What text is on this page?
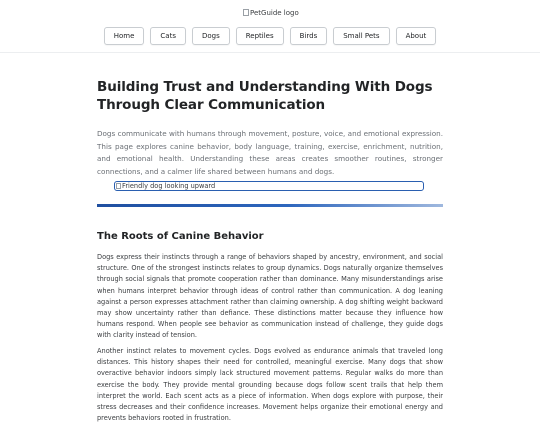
PetGuide logo
Home	Cats	Dogs	Reptiles	Birds	Small Pets	About
Building Trust and Understanding With Dogs Through Clear Communication

Dogs communicate with humans through movement, posture, voice, and emotional expression. This page explores canine behavior, body language, training, exercise, enrichment, nutrition, and emotional health. Understanding these areas creates smoother routines, stronger connections, and a calmer life shared between humans and dogs.

Friendly dog looking upward
The Roots of Canine Behavior

Dogs express their instincts through a range of behaviors shaped by ancestry, environment, and social structure. One of the strongest instincts relates to group dynamics. Dogs naturally organize themselves through social signals that promote cooperation rather than dominance. Many misunderstandings arise when humans interpret behavior through ideas of control rather than communication. A dog leaning against a person expresses attachment rather than claiming ownership. A dog shifting weight backward may show uncertainty rather than defiance. These distinctions matter because they influence how humans respond. When people see behavior as communication instead of challenge, they guide dogs with clarity instead of tension.

Another instinct relates to movement cycles. Dogs evolved as endurance animals that traveled long distances. This history shapes their need for controlled, meaningful exercise. Many dogs that show overactive behavior indoors simply lack structured movement patterns. Regular walks do more than exercise the body. They provide mental grounding because dogs follow scent trails that help them interpret the world. Each scent acts as a piece of information. When dogs explore with purpose, their stress decreases and their confidence increases. Movement helps organize their emotional energy and prevents behaviors rooted in frustration.
